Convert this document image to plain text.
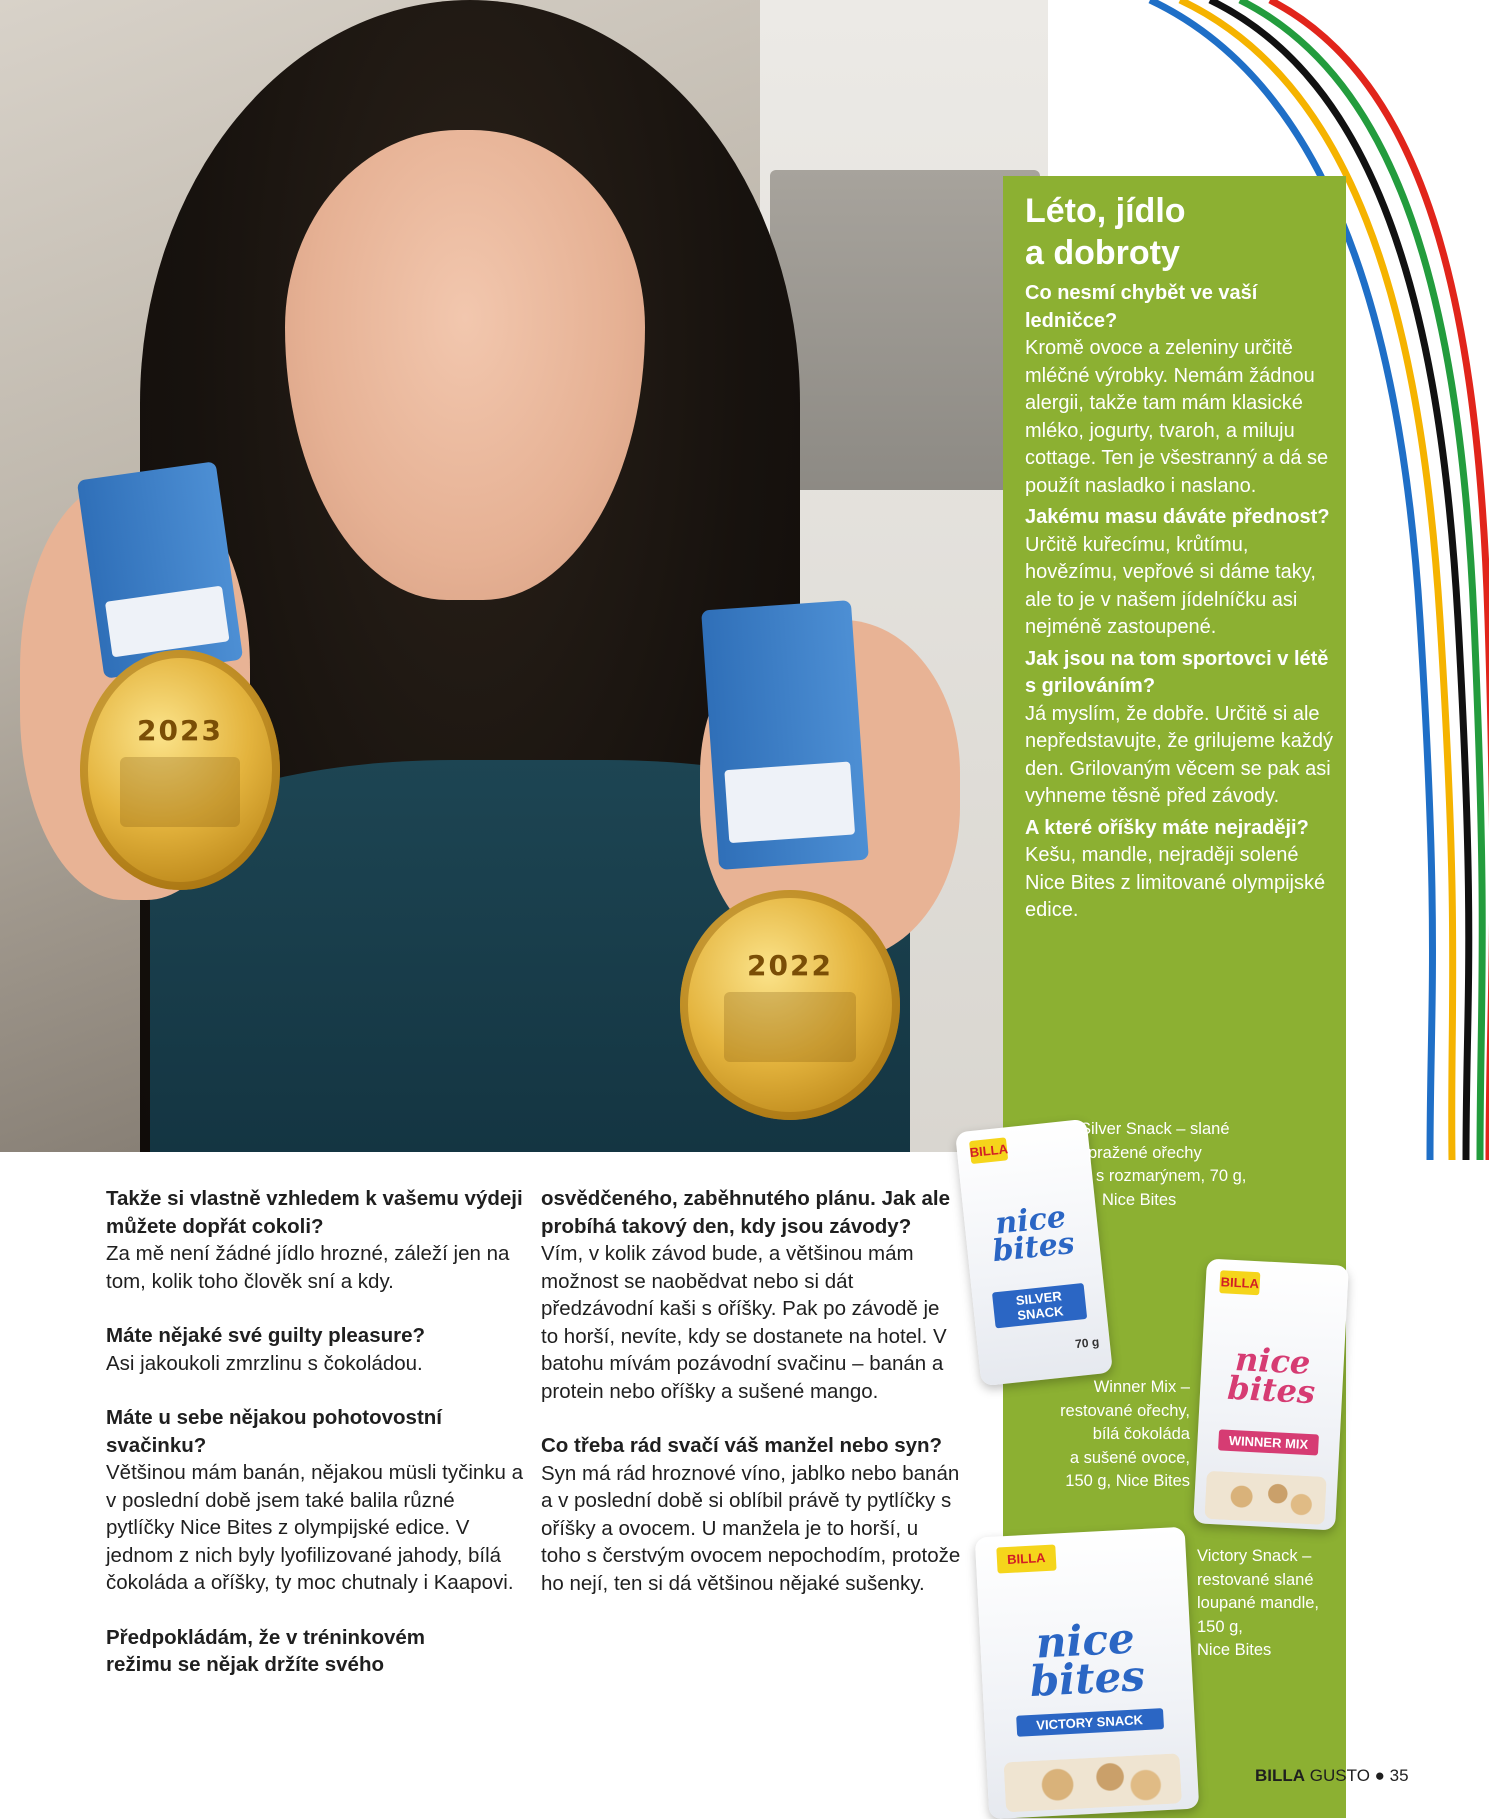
2023
2022
Léto, jídlo
a dobroty
Co nesmí chybět ve vaší ledničce?
Kromě ovoce a zeleniny určitě mléčné výrobky. Nemám žádnou alergii, takže tam mám klasické mléko, jogurty, tvaroh, a miluju cottage. Ten je všestranný a dá se použít nasladko i naslano.
Jakému masu dáváte přednost?
Určitě kuřecímu, krůtímu, hovězímu, vepřové si dáme taky, ale to je v našem jídelníčku asi nejméně zastoupené.
Jak jsou na tom sportovci v létě s grilováním?
Já myslím, že dobře. Určitě si ale nepředstavujte, že grilujeme každý den. Grilovaným věcem se pak asi vyhneme těsně před závody.
A které oříšky máte nejraději?
Kešu, mandle, nejraději solené Nice Bites z limitované olympijské edice.
BILLA
nice bites
SILVER SNACK
70 g
Silver Snack – slané
pražené ořechy
s rozmarýnem, 70 g,
Nice Bites
BILLA
nice bites
WINNER MIX
Winner Mix –
restované ořechy,
bílá čokoláda
a sušené ovoce,
150 g, Nice Bites
BILLA
nice bites
VICTORY SNACK
Victory Snack –
restované slané
loupané mandle,
150 g,
Nice Bites
Takže si vlastně vzhledem k vašemu výdeji můžete dopřát cokoli?
Za mě není žádné jídlo hrozné, záleží jen na tom, kolik toho člověk sní a kdy.
Máte nějaké své guilty pleasure?
Asi jakoukoli zmrzlinu s čokoládou.
Máte u sebe nějakou pohotovostní svačinku?
Většinou mám banán, nějakou müsli tyčinku a v poslední době jsem také balila různé pytlíčky Nice Bites z olympijské edice. V jednom z nich byly lyofilizované jahody, bílá čokoláda a oříšky, ty moc chutnaly i Kaapovi.
Předpokládám, že v tréninkovém režimu se nějak držíte svého
osvědčeného, zaběhnutého plánu. Jak ale probíhá takový den, kdy jsou závody?
Vím, v kolik závod bude, a většinou mám možnost se naobědvat nebo si dát předzávodní kaši s oříšky. Pak po závodě je to horší, nevíte, kdy se dostanete na hotel. V batohu mívám pozávodní svačinu – banán a protein nebo oříšky a sušené mango.
Co třeba rád svačí váš manžel nebo syn?
Syn má rád hroznové víno, jablko nebo banán a v poslední době si oblíbil právě ty pytlíčky s oříšky a ovocem. U manžela je to horší, u toho s čerstvým ovocem nepochodím, protože ho nejí, ten si dá většinou nějaké sušenky.
BILLA GUSTO ● 35
